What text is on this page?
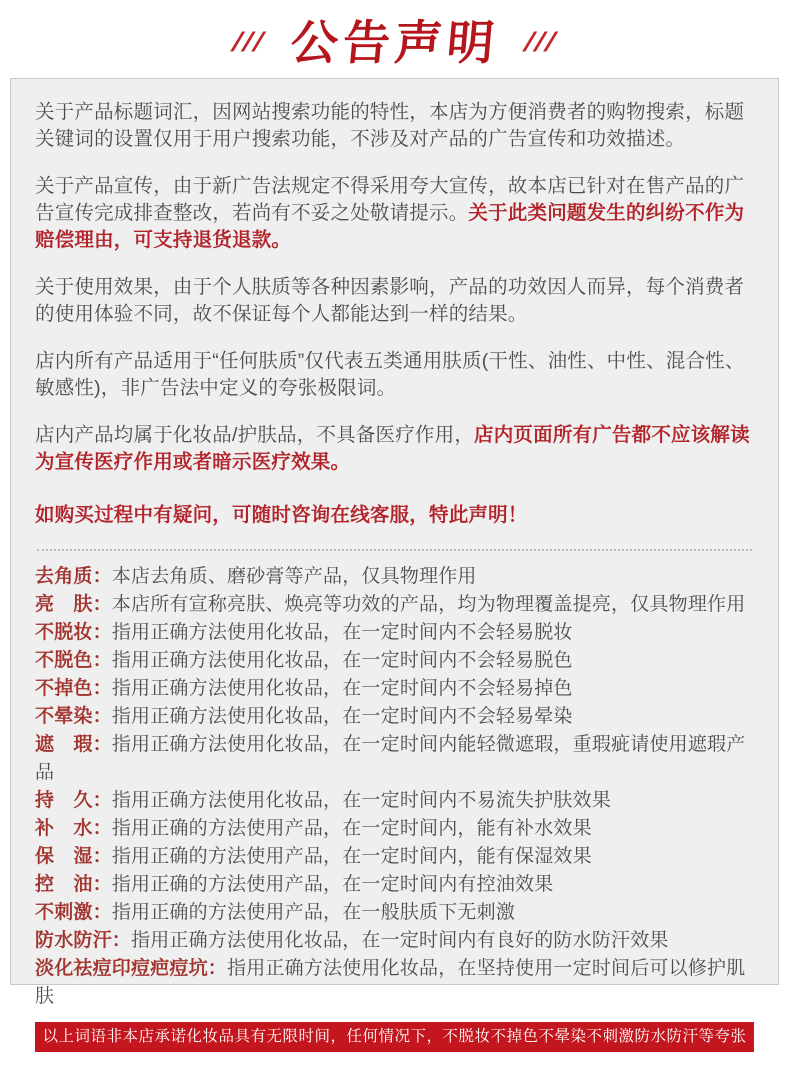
/// 公告声明 ///

关于产品标题词汇，因网站搜索功能的特性，本店为方便消费者的购物搜索，标题关键词的设置仅用于用户搜索功能，不涉及对产品的广告宣传和功效描述。

关于产品宣传，由于新广告法规定不得采用夸大宣传，故本店已针对在售产品的广告宣传完成排查整改，若尚有不妥之处敬请提示。关于此类问题发生的纠纷不作为赔偿理由，可支持退货退款。

关于使用效果，由于个人肤质等各种因素影响，产品的功效因人而异，每个消费者的使用体验不同，故不保证每个人都能达到一样的结果。

店内所有产品适用于“任何肤质”仅代表五类通用肤质(干性、油性、中性、混合性、敏感性)，非广告法中定义的夸张极限词。

店内产品均属于化妆品/护肤品，不具备医疗作用，店内页面所有广告都不应该解读为宣传医疗作用或者暗示医疗效果。

如购买过程中有疑问，可随时咨询在线客服，特此声明！

去角质：本店去角质、磨砂膏等产品，仅具物理作用
亮　肤：本店所有宣称亮肤、焕亮等功效的产品，均为物理覆盖提亮，仅具物理作用
不脱妆：指用正确方法使用化妆品，在一定时间内不会轻易脱妆
不脱色：指用正确方法使用化妆品，在一定时间内不会轻易脱色
不掉色：指用正确方法使用化妆品，在一定时间内不会轻易掉色
不晕染：指用正确方法使用化妆品，在一定时间内不会轻易晕染
遮　瑕：指用正确方法使用化妆品，在一定时间内能轻微遮瑕，重瑕疵请使用遮瑕产品
持　久：指用正确方法使用化妆品，在一定时间内不易流失护肤效果
补　水：指用正确的方法使用产品，在一定时间内，能有补水效果
保　湿：指用正确的方法使用产品，在一定时间内，能有保湿效果
控　油：指用正确的方法使用产品，在一定时间内有控油效果
不刺激：指用正确的方法使用产品，在一般肤质下无刺激
防水防汗：指用正确方法使用化妆品，在一定时间内有良好的防水防汗效果
淡化祛痘印痘疤痘坑：指用正确方法使用化妆品，在坚持使用一定时间后可以修护肌肤
以上词语非本店承诺化妆品具有无限时间，任何情况下，不脱妆不掉色不晕染不刺激防水防汗等夸张宣传
